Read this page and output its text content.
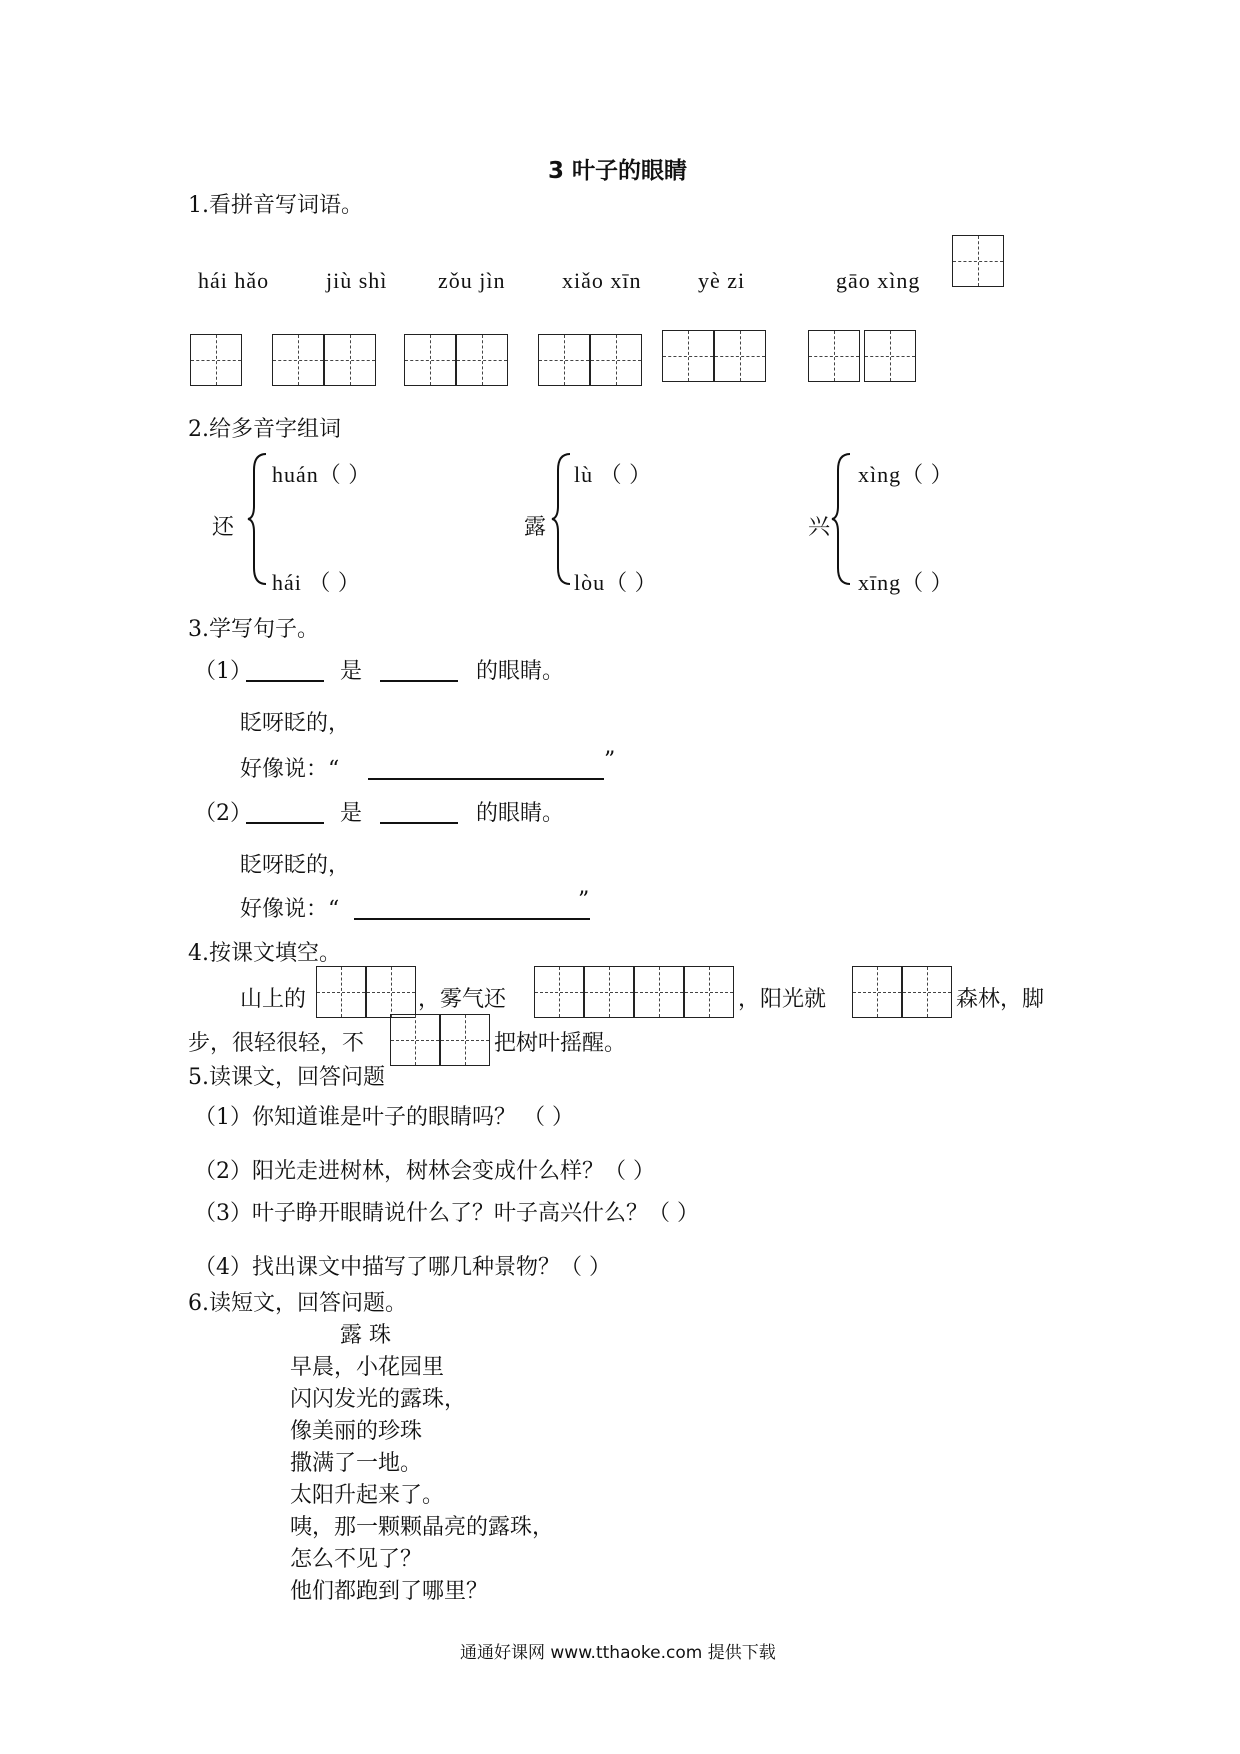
3 叶子的眼睛
1.看拼音写词语。
hái hǎo	jiù shì zǒu jìn	xiǎo xīn	yè zi	gāo xìng
2.给多音字组词
还
huán（ ）
hái （ ）
露
lù （ ）
lòu（ ）
兴
xìng（ ）
xīng（ ）
3.学写句子。
（1）	是	的眼睛。
眨呀眨的，
好像说：“	”
（2）	是	的眼睛。
眨呀眨的，
好像说：“	”
4.按课文填空。
山上的	，雾气还	，阳光就	森林，脚
步，很轻很轻，不	把树叶摇醒。
5.读课文，回答问题
（1）你知道谁是叶子的眼睛吗？ （ ）
（2）阳光走进树林，树林会变成什么样？（ ）
（3）叶子睁开眼睛说什么了？叶子高兴什么？（ ）
（4）找出课文中描写了哪几种景物？（ ）
6.读短文，回答问题。
露 珠
早晨，小花园里
闪闪发光的露珠，
像美丽的珍珠
撒满了一地。
太阳升起来了。
咦，那一颗颗晶亮的露珠，
怎么不见了？
他们都跑到了哪里？
通通好课网 www.tthaoke.com 提供下载
